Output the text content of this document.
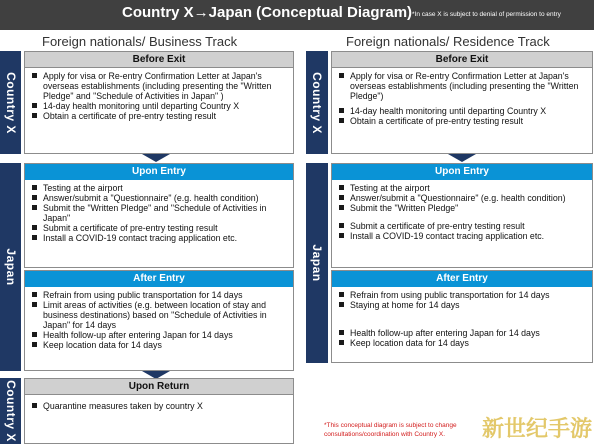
Country X→Japan (Conceptual Diagram) *In case X is subject to denial of permission to entry
Foreign nationals/ Business Track
Country X
Before Exit
Apply for visa or Re-entry Confirmation Letter at Japan's overseas establishments (including presenting the "Written Pledge" and "Schedule of Activities in Japan" )
14-day health monitoring until departing Country X
Obtain a certificate of pre-entry testing result
Japan
Upon Entry
Testing at the airport
Answer/submit a "Questionnaire" (e.g. health condition)
Submit the "Written Pledge" and "Schedule of Activities in Japan"
Submit a certificate of pre-entry testing result
Install a COVID-19 contact tracing application etc.
After Entry
Refrain from using public transportation for 14 days
Limit areas of activities (e.g. between location of stay and business destinations) based on "Schedule of Activities in Japan" for 14 days
Health follow-up after entering Japan for 14 days
Keep location data for 14 days
Country X	Upon Return
Quarantine measures taken by country X
Foreign nationals/ Residence Track
Country X
Before Exit
Apply for visa or Re-entry Confirmation Letter at Japan's overseas establishments (including presenting the "Written Pledge")
14-day health monitoring until departing Country X
Obtain a certificate of pre-entry testing result
Japan
Upon Entry
Testing at the airport
Answer/submit a "Questionnaire" (e.g. health condition)
Submit the "Written Pledge"
Submit a certificate of pre-entry testing result
Install a COVID-19 contact tracing application etc.
After Entry
Refrain from using public transportation for 14 days
Staying at home for 14 days
Health follow-up after entering Japan for 14 days
Keep location data for 14 days
*This conceptual diagram is subject to change
consultations/coordination with Country X.	新世纪手游
